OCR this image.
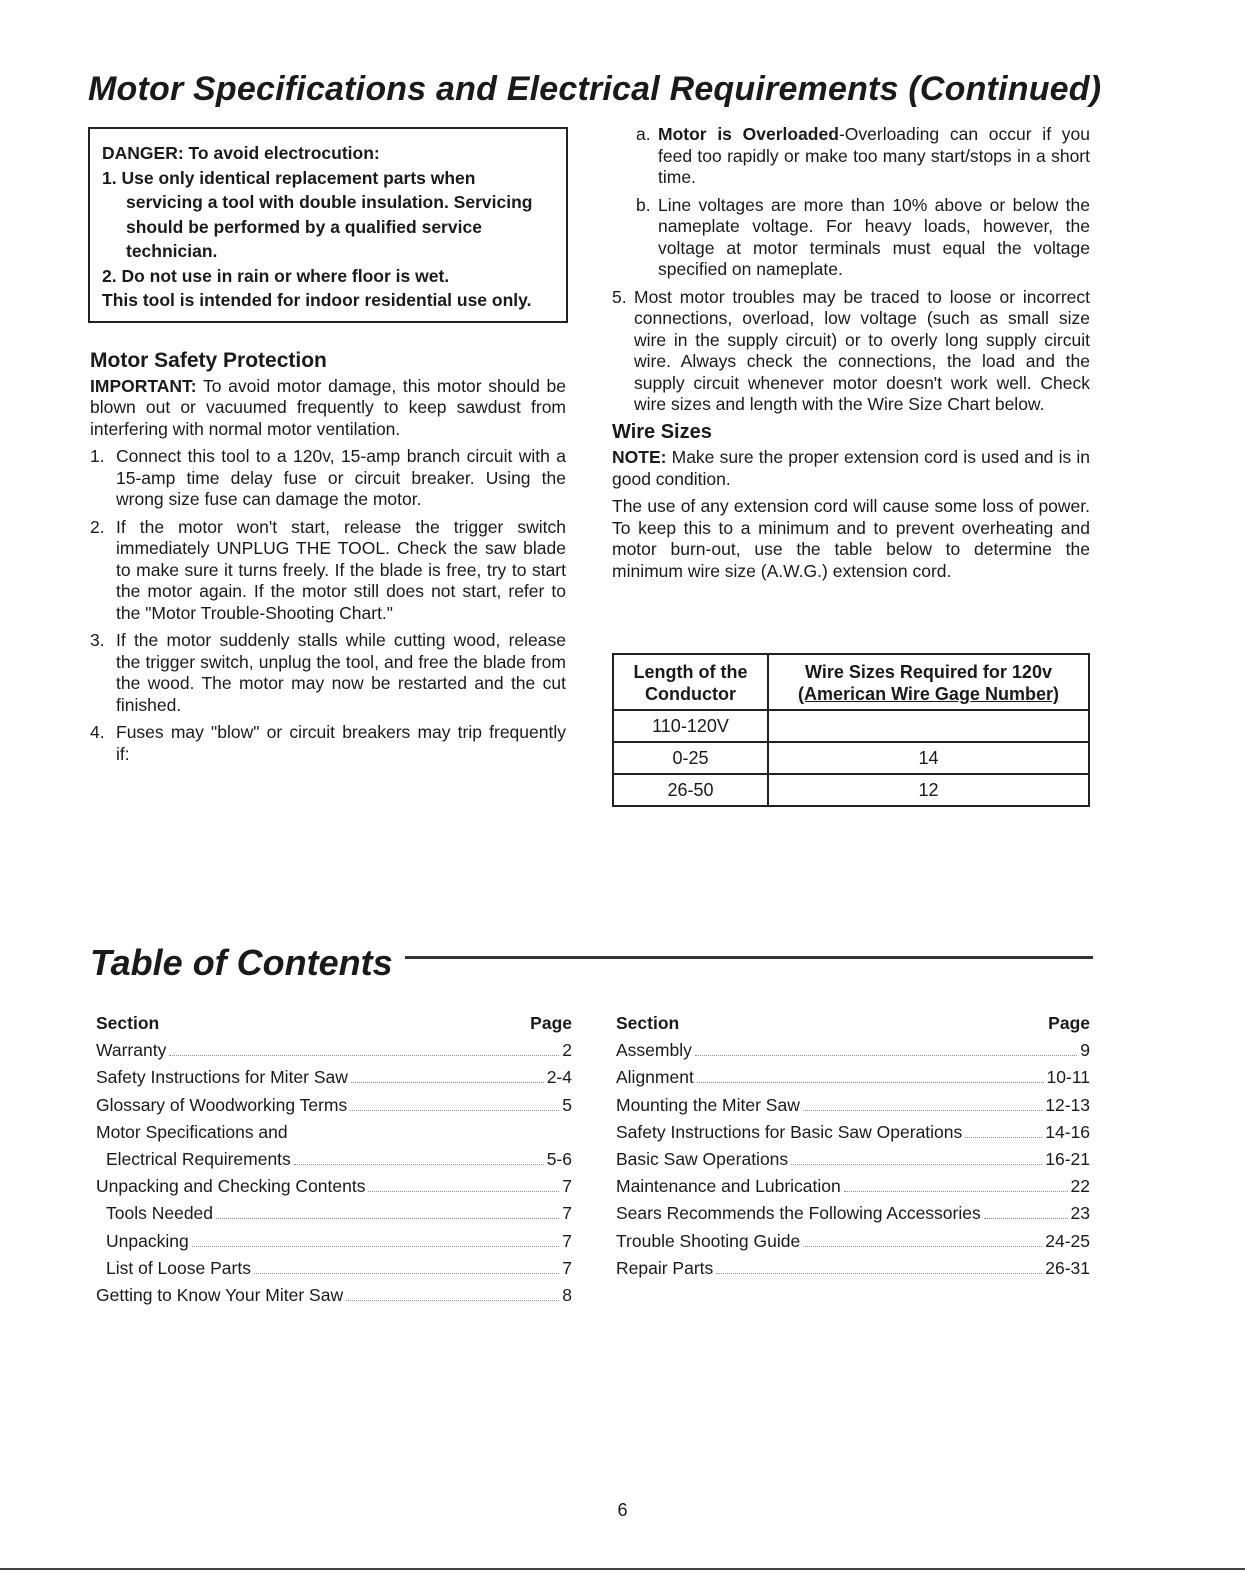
Motor Specifications and Electrical Requirements (Continued)
DANGER: To avoid electrocution:
1. Use only identical replacement parts when servicing a tool with double insulation. Servicing should be performed by a qualified service technician.
2. Do not use in rain or where floor is wet.
This tool is intended for indoor residential use only.
Motor Safety Protection

IMPORTANT: To avoid motor damage, this motor should be blown out or vacuumed frequently to keep sawdust from interfering with normal motor ventilation.

1. Connect this tool to a 120v, 15-amp branch circuit with a 15-amp time delay fuse or circuit breaker. Using the wrong size fuse can damage the motor.
2. If the motor won't start, release the trigger switch immediately UNPLUG THE TOOL. Check the saw blade to make sure it turns freely. If the blade is free, try to start the motor again. If the motor still does not start, refer to the "Motor Trouble-Shooting Chart."
3. If the motor suddenly stalls while cutting wood, release the trigger switch, unplug the tool, and free the blade from the wood. The motor may now be restarted and the cut finished.
4. Fuses may "blow" or circuit breakers may trip frequently if:
a. Motor is Overloaded-Overloading can occur if you feed too rapidly or make too many start/stops in a short time.
b. Line voltages are more than 10% above or below the nameplate voltage. For heavy loads, however, the voltage at motor terminals must equal the voltage specified on nameplate.
5. Most motor troubles may be traced to loose or incorrect connections, overload, low voltage (such as small size wire in the supply circuit) or to overly long supply circuit wire. Always check the connections, the load and the supply circuit whenever motor doesn't work well. Check wire sizes and length with the Wire Size Chart below.
Wire Sizes

NOTE: Make sure the proper extension cord is used and is in good condition.

The use of any extension cord will cause some loss of power. To keep this to a minimum and to prevent overheating and motor burn-out, use the table below to determine the minimum wire size (A.W.G.) extension cord.

Length of the
Conductor	Wire Sizes Required for 120v
(American Wire Gage Number)
110-120V	
0-25	14
26-50	12
Table of Contents
Section	Page
Warranty	2
Safety Instructions for Miter Saw	2-4
Glossary of Woodworking Terms	5
Motor Specifications and
Electrical Requirements	5-6
Unpacking and Checking Contents	7
Tools Needed	7
Unpacking	7
List of Loose Parts	7
Getting to Know Your Miter Saw	8
Section	Page
Assembly	9
Alignment	10-11
Mounting the Miter Saw	12-13
Safety Instructions for Basic Saw Operations	14-16
Basic Saw Operations	16-21
Maintenance and Lubrication	22
Sears Recommends the Following Accessories	23
Trouble Shooting Guide	24-25
Repair Parts	26-31
6
